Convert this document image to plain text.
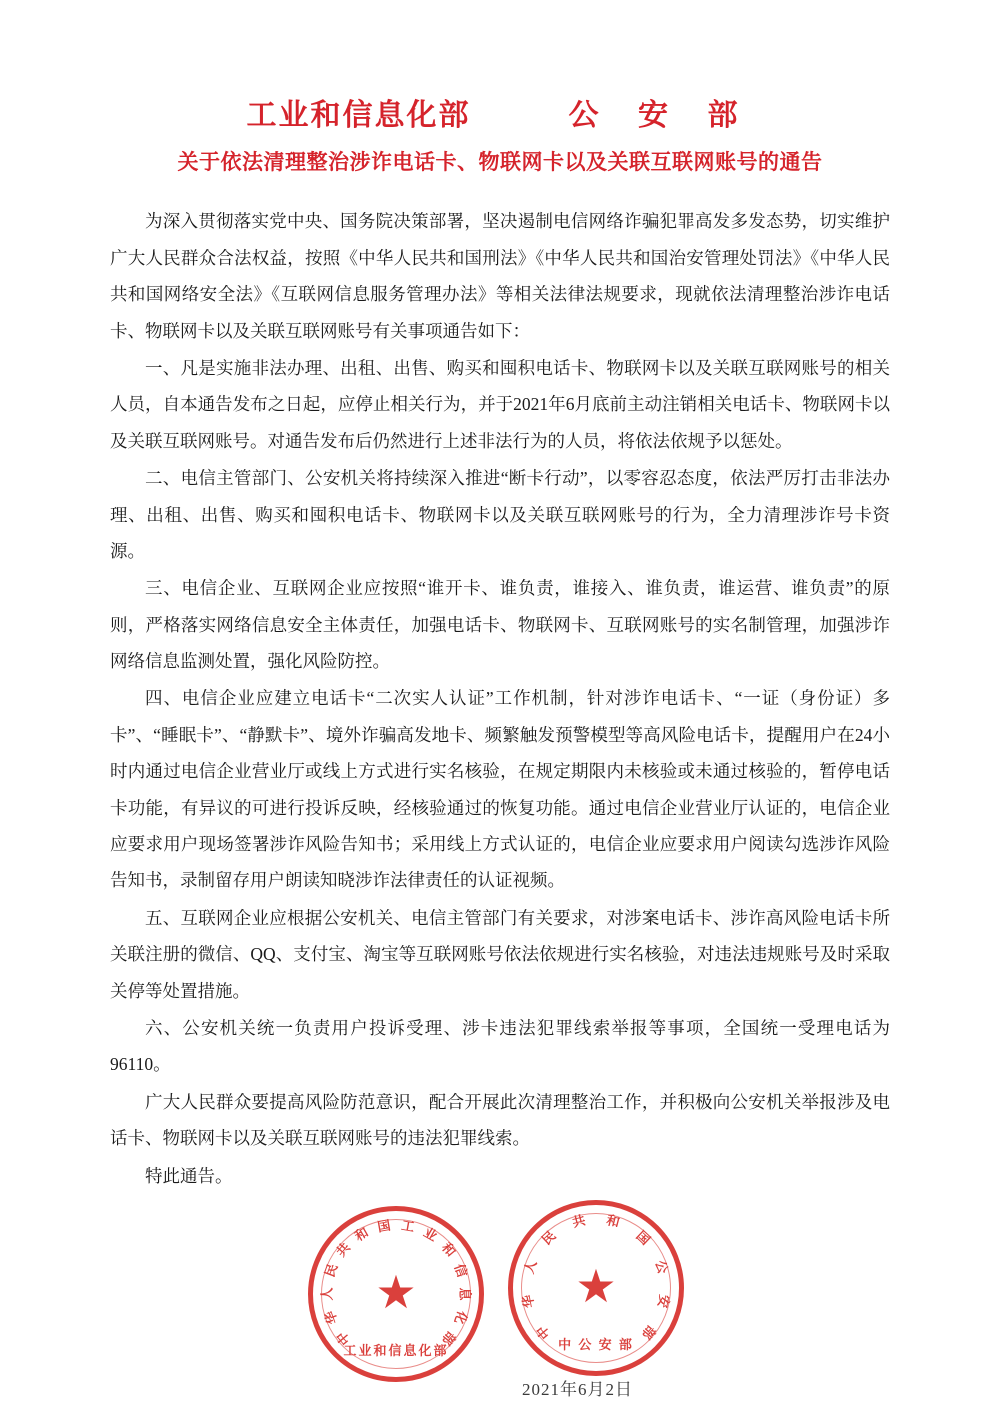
工业和信息化部	公 安 部
关于依法清理整治涉诈电话卡、物联网卡以及关联互联网账号的通告

为深入贯彻落实党中央、国务院决策部署，坚决遏制电信网络诈骗犯罪高发多发态势，切实维护广大人民群众合法权益，按照《中华人民共和国刑法》《中华人民共和国治安管理处罚法》《中华人民共和国网络安全法》《互联网信息服务管理办法》等相关法律法规要求，现就依法清理整治涉诈电话卡、物联网卡以及关联互联网账号有关事项通告如下：

一、凡是实施非法办理、出租、出售、购买和囤积电话卡、物联网卡以及关联互联网账号的相关人员，自本通告发布之日起，应停止相关行为，并于2021年6月底前主动注销相关电话卡、物联网卡以及关联互联网账号。对通告发布后仍然进行上述非法行为的人员，将依法依规予以惩处。

二、电信主管部门、公安机关将持续深入推进“断卡行动”，以零容忍态度，依法严厉打击非法办理、出租、出售、购买和囤积电话卡、物联网卡以及关联互联网账号的行为，全力清理涉诈号卡资源。

三、电信企业、互联网企业应按照“谁开卡、谁负责，谁接入、谁负责，谁运营、谁负责”的原则，严格落实网络信息安全主体责任，加强电话卡、物联网卡、互联网账号的实名制管理，加强涉诈网络信息监测处置，强化风险防控。

四、电信企业应建立电话卡“二次实人认证”工作机制，针对涉诈电话卡、“一证（身份证）多卡”、“睡眠卡”、“静默卡”、境外诈骗高发地卡、频繁触发预警模型等高风险电话卡，提醒用户在24小时内通过电信企业营业厅或线上方式进行实名核验，在规定期限内未核验或未通过核验的，暂停电话卡功能，有异议的可进行投诉反映，经核验通过的恢复功能。通过电信企业营业厅认证的，电信企业应要求用户现场签署涉诈风险告知书；采用线上方式认证的，电信企业应要求用户阅读勾选涉诈风险告知书，录制留存用户朗读知晓涉诈法律责任的认证视频。

五、互联网企业应根据公安机关、电信主管部门有关要求，对涉案电话卡、涉诈高风险电话卡所关联注册的微信、QQ、支付宝、淘宝等互联网账号依法依规进行实名核验，对违法违规账号及时采取关停等处置措施。

六、公安机关统一负责用户投诉受理、涉卡违法犯罪线索举报等事项，全国统一受理电话为96110。

广大人民群众要提高风险防范意识，配合开展此次清理整治工作，并积极向公安机关举报涉及电话卡、物联网卡以及关联互联网账号的违法犯罪线索。

特此通告。

中
华
人
民
共
和 国 工 业
和
信
息
化
部
★
工业和信息化部
中
华
人
民
共 和
国
公
安
部
★
中 公 安 部
2021年6月2日
